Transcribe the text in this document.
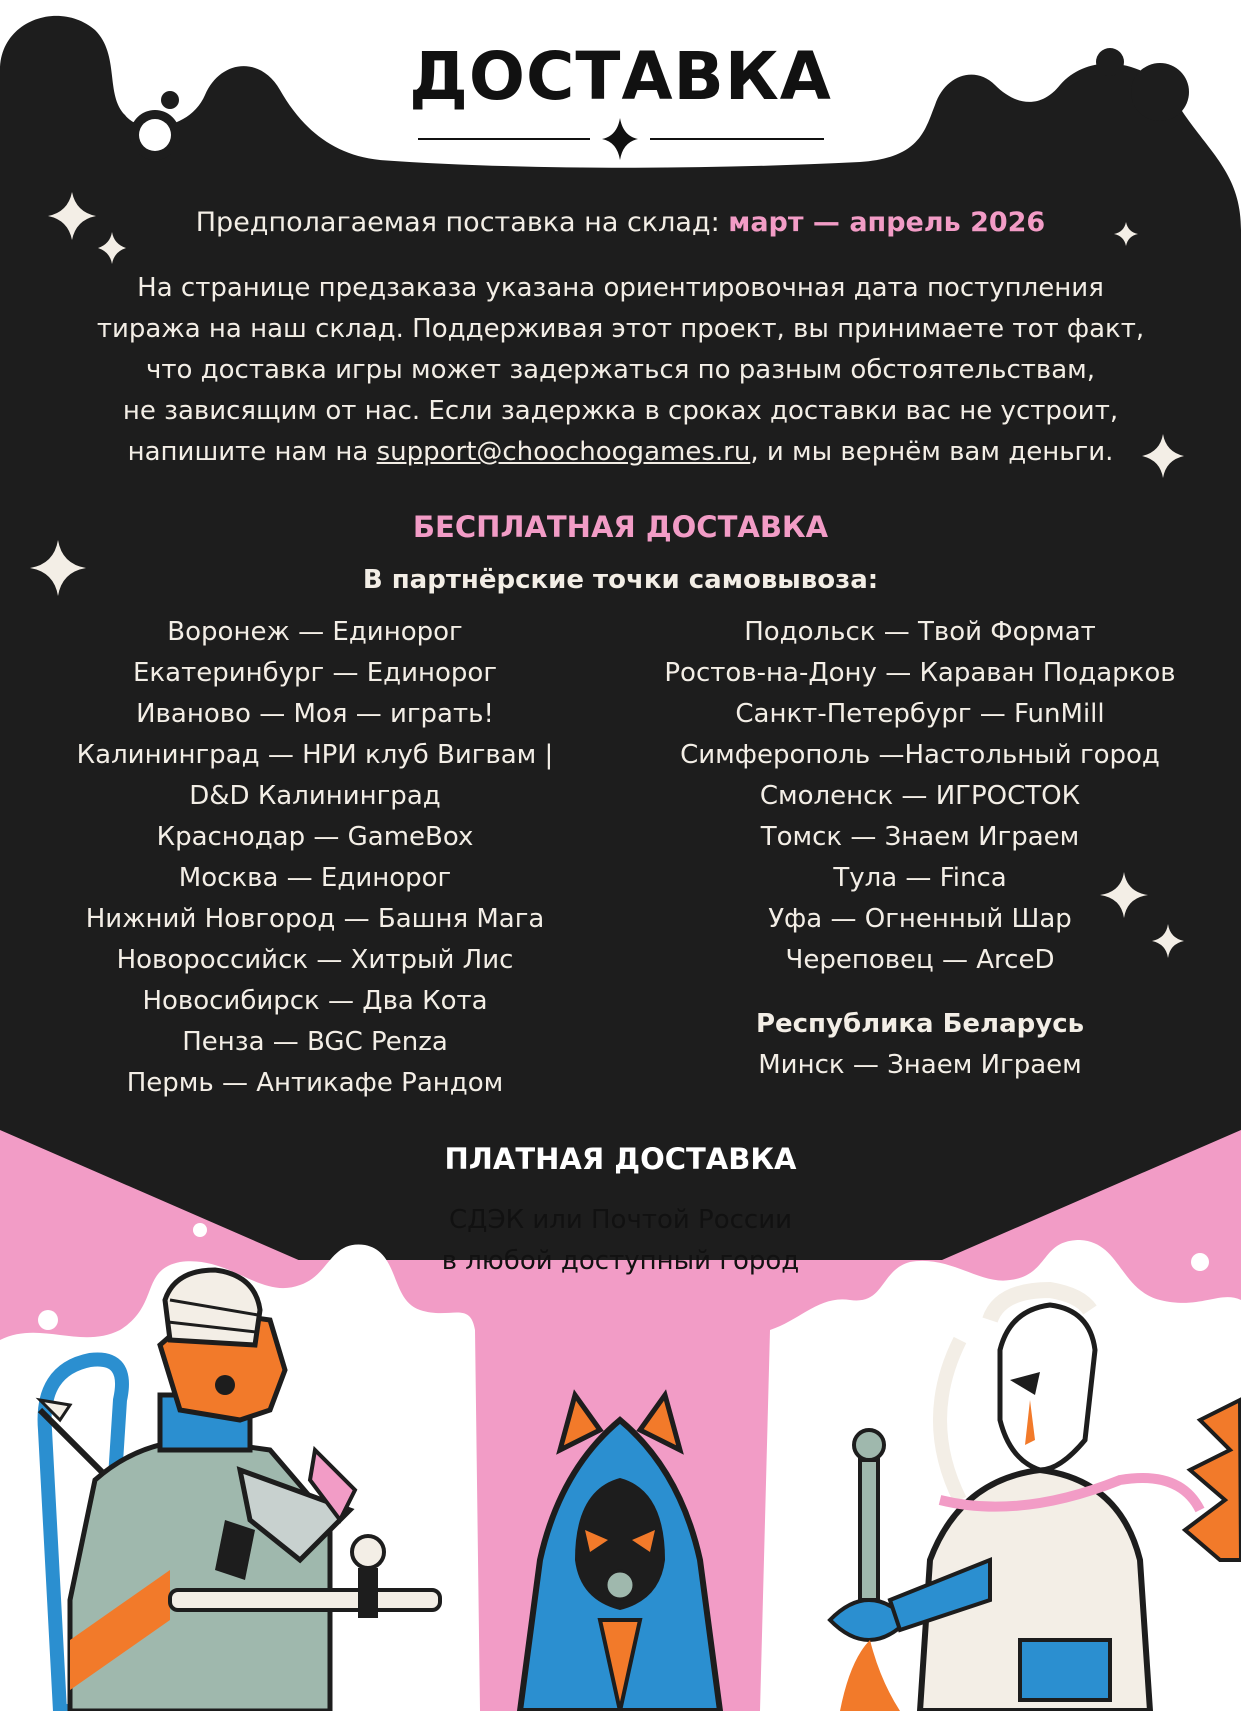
ДОСТАВКА
Предполагаемая поставка на склад: март — апрель 2026
На странице предзаказа указана ориентировочная дата поступления
тиража на наш склад. Поддерживая этот проект, вы принимаете тот факт,
что доставка игры может задержаться по разным обстоятельствам,
не зависящим от нас. Если задержка в сроках доставки вас не устроит,
напишите нам на support@choochoogames.ru, и мы вернём вам деньги.
БЕСПЛАТНАЯ ДОСТАВКА
В партнёрские точки самовывоза:
Воронеж — Единорог
Екатеринбург — Единорог
Иваново — Моя — играть!
Калининград — НРИ клуб Вигвам |
D&D Калининград
Краснодар — GameBox
Москва — Единорог
Нижний Новгород — Башня Мага
Новороссийск — Хитрый Лис
Новосибирск — Два Кота
Пенза — BGC Penza
Пермь — Антикафе Рандом
Подольск — Твой Формат
Ростов-на-Дону — Караван Подарков
Санкт-Петербург — FunMill
Симферополь —Настольный город
Смоленск — ИГРОСТОК
Томск — Знаем Играем
Тула — Finca
Уфа — Огненный Шар
Череповец — ArceD
Республика Беларусь
Минск — Знаем Играем
ПЛАТНАЯ ДОСТАВКА
СДЭК или Почтой России
в любой доступный город
